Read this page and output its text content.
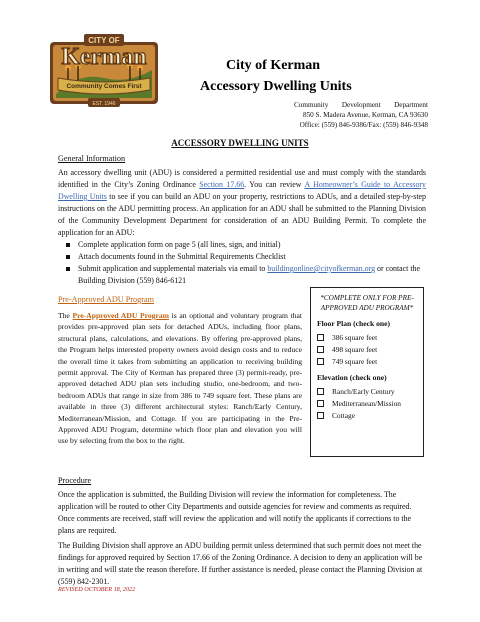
CITY OF
Kerman
Community Comes First
EST. 1946
City of Kerman
Accessory Dwelling Units
Community Development Department
850 S. Madera Avenue, Kerman, CA 93630
Office: (559) 846-9386/Fax: (559) 846-9348
ACCESSORY DWELLING UNITS
General Information
An accessory dwelling unit (ADU) is considered a permitted residential use and must comply with the standards identified in the City’s Zoning Ordinance Section 17.66. You can review A Homeowner’s Guide to Accessory Dwelling Units to see if you can build an ADU on your property, restrictions to ADUs, and a detailed step-by-step instructions on the ADU permitting process. An application for an ADU shall be submitted to the Planning Division of the Community Development Department for consideration of an ADU Building Permit. To complete the application for an ADU:
Complete application form on page 5 (all lines, sign, and initial)
Attach documents found in the Submittal Requirements Checklist
Submit application and supplemental materials via email to buildingonline@cityofkerman.org or contact the Building Division (559) 846-6121
Pre-Approved ADU Program
The Pre-Approved ADU Program is an optional and voluntary program that provides pre-approved plan sets for detached ADUs, including floor plans, structural plans, calculations, and elevations. By offering pre-approved plans, the Program helps interested property owners avoid design costs and to reduce the overall time it takes from submitting an application to receiving building permit approval. The City of Kerman has prepared three (3) permit-ready, pre-approved detached ADU plan sets including studio, one-bedroom, and two-bedroom ADUs that range in size from 386 to 749 square feet. These plans are available in three (3) different architectural styles: Ranch/Early Century, Mediterranean/Mission, and Cottage. If you are participating in the Pre-Approved ADU Program, determine which floor plan and elevation you will use by selecting from the box to the right.
*COMPLETE ONLY FOR PRE-APPROVED ADU PROGRAM*
Floor Plan (check one)
386 square feet
498 square feet
749 square feet
Elevation (check one)
Ranch/Early Century
Mediterranean/Mission
Cottage
Procedure
Once the application is submitted, the Building Division will review the information for completeness. The application will be routed to other City Departments and outside agencies for review and comments as required. Once comments are received, staff will review the application and will notify the applicants if corrections to the plans are required.
The Building Division shall approve an ADU building permit unless determined that such permit does not meet the findings for approved required by Section 17.66 of the Zoning Ordinance. A decision to deny an application will be in writing and will state the reason therefore. If further assistance is needed, please contact the Planning Division at (559) 842-2301.
REVISED OCTOBER 18, 2022
